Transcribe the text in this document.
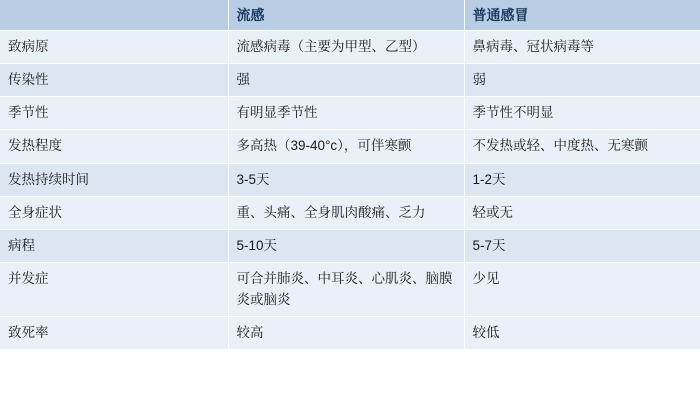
	流感	普通感冒
致病原	流感病毒（主要为甲型、乙型）	鼻病毒、冠状病毒等
传染性	强	弱
季节性	有明显季节性	季节性不明显
发热程度	多高热（39-40°c），可伴寒颤	不发热或轻、中度热、无寒颤
发热持续时间	3-5天	1-2天
全身症状	重、头痛、全身肌肉酸痛、乏力	轻或无
病程	5-10天	5-7天
并发症	可合并肺炎、中耳炎、心肌炎、脑膜炎或脑炎	少见
致死率	较高	较低
